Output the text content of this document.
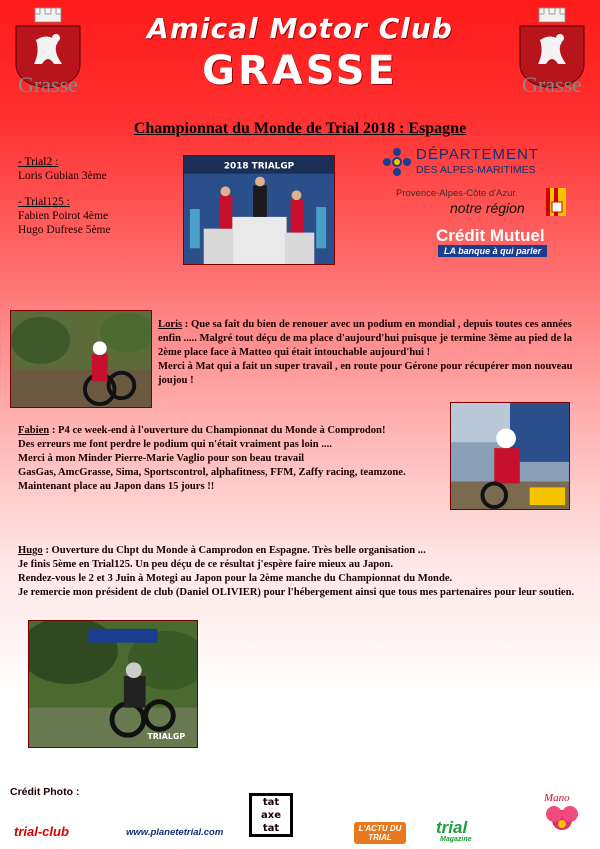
Grasse	Grasse
Amical Motor Club
GRASSE
Championnat du Monde de Trial 2018 : Espagne

- Trial2 :

Loris Gubian 3ème

- Trial125 :

Fabien Poirot 4ème

Hugo Dufrese 5ème

2018 TRIALGP
DÉPARTEMENT
DES ALPES-MARITIMES
Provence-Alpes-Côte d'Azur.
notre région
Crédit Mutuel
LA banque à qui parler
Loris : Que sa fait du bien de renouer avec un podium en mondial , depuis toutes ces années enfin ..... Malgré tout déçu de ma place d'aujourd'hui puisque je termine 3ème au pied de la 2ème place face à Matteo qui était intouchable aujourd'hui !
Merci à Mat qui a fait un super travail , en route pour Gérone pour récupérer mon nouveau joujou !
Fabien : P4 ce week-end à l'ouverture du Championnat du Monde à Comprodon!
Des erreurs me font perdre le podium qui n'était vraiment pas loin ....
Merci à mon Minder Pierre-Marie Vaglio pour son beau travail
GasGas, AmcGrasse, Sima, Sportscontrol, alphafitness, FFM, Zaffy racing, teamzone.
Maintenant place au Japon dans 15 jours !!
Hugo : Ouverture du Chpt du Monde à Camprodon en Espagne. Très belle organisation ...
Je finis 5ème en Trial125. Un peu déçu de ce résultat j'espère faire mieux au Japon.
Rendez-vous le 2 et 3 Juin à Motegi au Japon pour la 2ème manche du Championnat du Monde.
Je remercie mon président de club (Daniel OLIVIER) pour l'hébergement ainsi que tous mes partenaires pour leur soutien.
TRIALGP
Crédit Photo :
trial-club	www.planetetrial.com
tat axe tat	L'ACTU DU TRIAL
trial
Magazine
Mano
